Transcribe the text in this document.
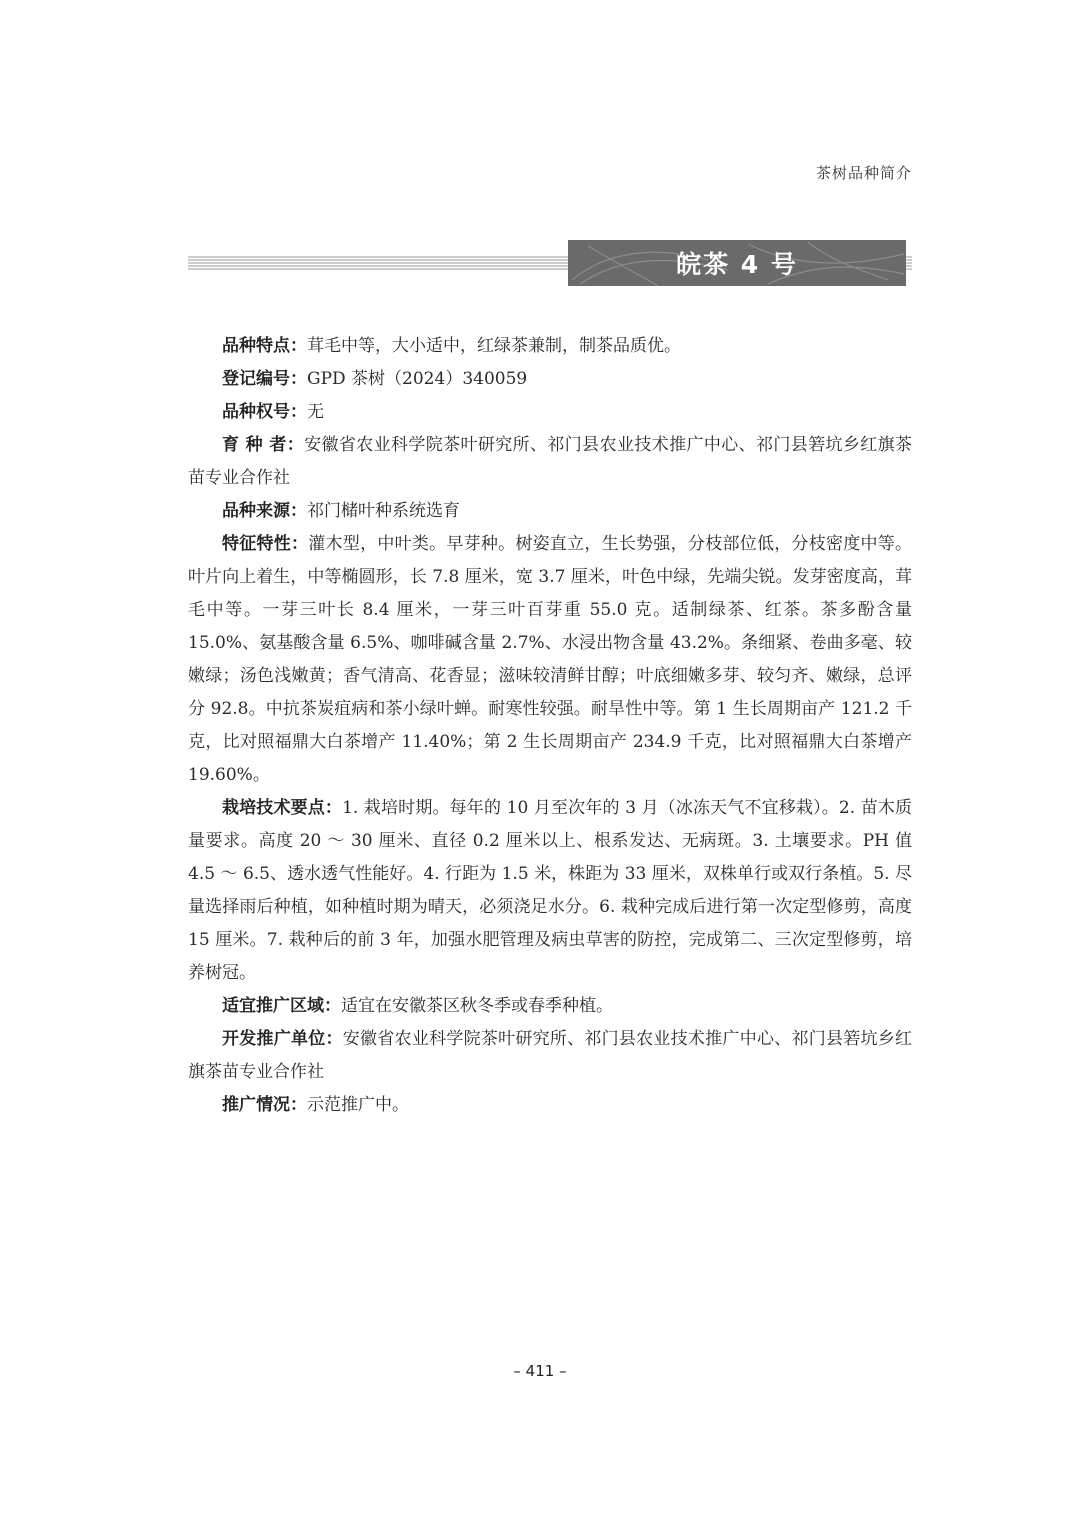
茶树品种简介
皖茶 4 号

品种特点：茸毛中等，大小适中，红绿茶兼制，制茶品质优。

登记编号：GPD 茶树（2024）340059

品种权号：无

育 种 者：安徽省农业科学院茶叶研究所、祁门县农业技术推广中心、祁门县箬坑乡红旗茶苗专业合作社

品种来源：祁门槠叶种系统选育

特征特性：灌木型，中叶类。早芽种。树姿直立，生长势强，分枝部位低，分枝密度中等。叶片向上着生，中等椭圆形，长 7.8 厘米，宽 3.7 厘米，叶色中绿，先端尖锐。发芽密度高，茸毛中等。一芽三叶长 8.4 厘米，一芽三叶百芽重 55.0 克。适制绿茶、红茶。茶多酚含量 15.0%、氨基酸含量 6.5%、咖啡碱含量 2.7%、水浸出物含量 43.2%。条细紧、卷曲多毫、较嫩绿；汤色浅嫩黄；香气清高、花香显；滋味较清鲜甘醇；叶底细嫩多芽、较匀齐、嫩绿，总评分 92.8。中抗茶炭疽病和茶小绿叶蝉。耐寒性较强。耐旱性中等。第 1 生长周期亩产 121.2 千克，比对照福鼎大白茶增产 11.40%；第 2 生长周期亩产 234.9 千克，比对照福鼎大白茶增产 19.60%。

栽培技术要点：1. 栽培时期。每年的 10 月至次年的 3 月（冰冻天气不宜移栽）。2. 苗木质量要求。高度 20 ～ 30 厘米、直径 0.2 厘米以上、根系发达、无病斑。3. 土壤要求。PH 值 4.5 ～ 6.5、透水透气性能好。4. 行距为 1.5 米，株距为 33 厘米，双株单行或双行条植。5. 尽量选择雨后种植，如种植时期为晴天，必须浇足水分。6. 栽种完成后进行第一次定型修剪，高度 15 厘米。7. 栽种后的前 3 年，加强水肥管理及病虫草害的防控，完成第二、三次定型修剪，培养树冠。

适宜推广区域：适宜在安徽茶区秋冬季或春季种植。

开发推广单位：安徽省农业科学院茶叶研究所、祁门县农业技术推广中心、祁门县箬坑乡红旗茶苗专业合作社

推广情况：示范推广中。

– 411 –
